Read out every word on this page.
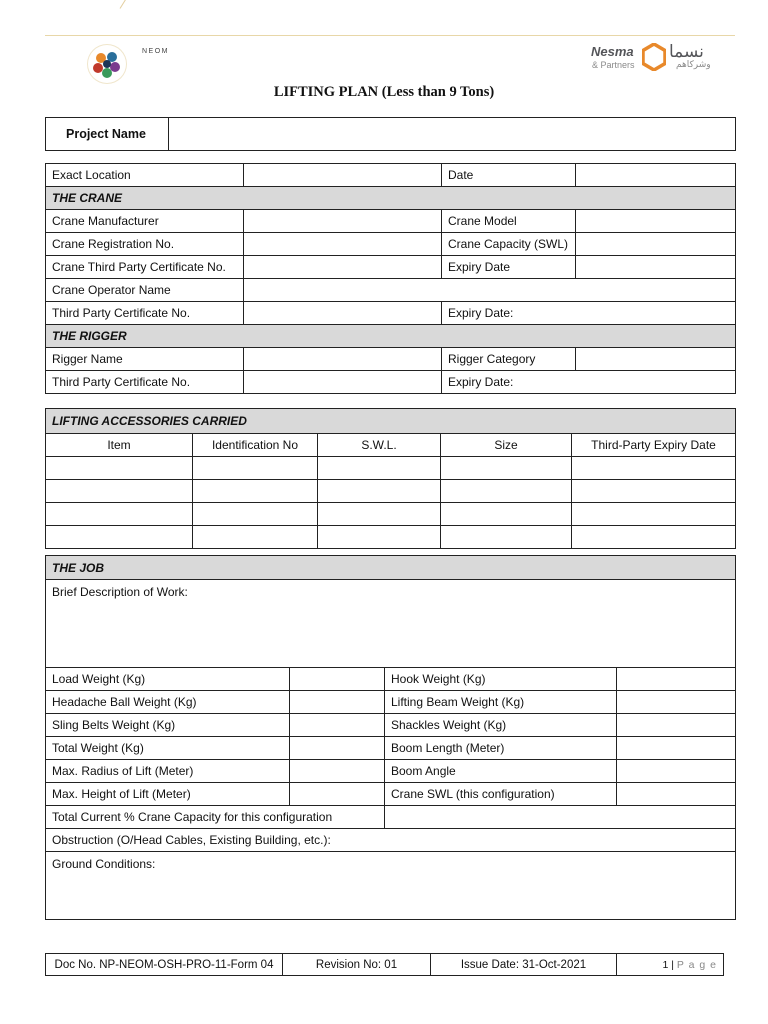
NEOM	Nesma
& Partners
نسما
وشركاهم
LIFTING PLAN (Less than 9 Tons)
Project Name	
Exact Location		Date	
THE CRANE			
Crane Manufacturer		Crane Model	
Crane Registration No.		Crane Capacity (SWL)	
Crane Third Party Certificate No.		Expiry Date	
Crane Operator Name			
Third Party Certificate No.		Expiry Date:	
THE RIGGER			
Rigger Name		Rigger Category	
Third Party Certificate No.		Expiry Date:	
LIFTING ACCESSORIES CARRIED				
Item	Identification No	S.W.L.	Size	Third-Party Expiry Date

THE JOB			
Brief Description of Work:			
Load Weight (Kg)		Hook Weight (Kg)	
Headache Ball Weight (Kg)		Lifting Beam Weight (Kg)	
Sling Belts Weight (Kg)		Shackles Weight (Kg)	
Total Weight (Kg)		Boom Length (Meter)	
Max. Radius of Lift (Meter)		Boom Angle	
Max. Height of Lift (Meter)		Crane SWL (this configuration)	
Total Current % Crane Capacity for this configuration			
Obstruction (O/Head Cables, Existing Building, etc.):			
Ground Conditions:			
Doc No. NP-NEOM-OSH-PRO-11-Form 04	Revision No: 01	Issue Date: 31-Oct-2021	1 | P a g e
